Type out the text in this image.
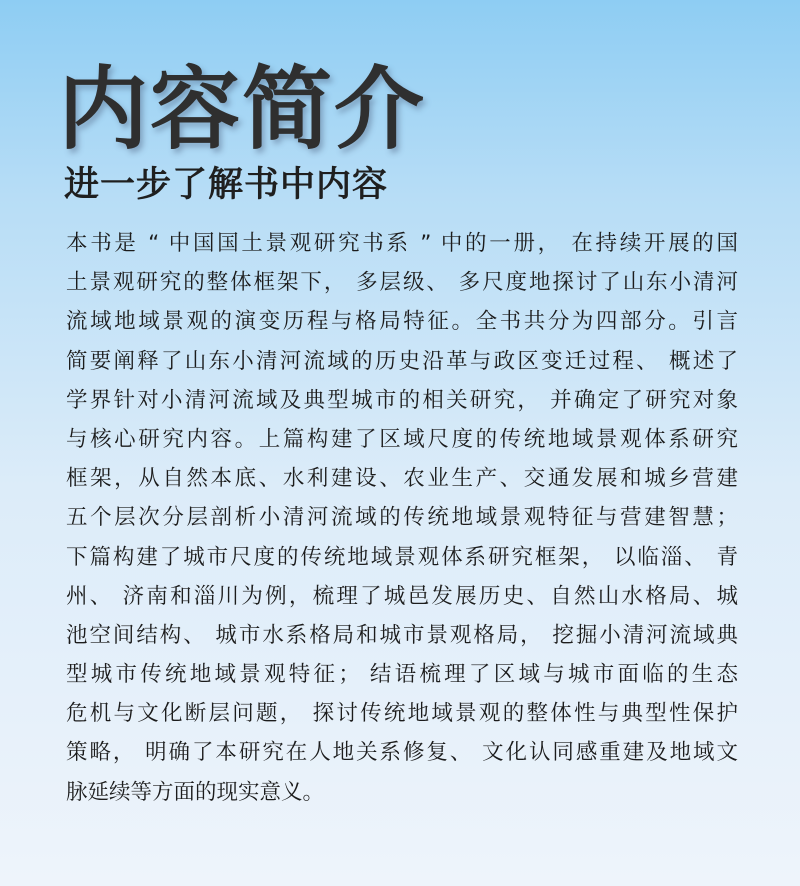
内容简介
进一步了解书中内容
本书是 “ 中国国土景观研究书系 ” 中的一册， 在持续开展的国
土景观研究的整体框架下， 多层级、 多尺度地探讨了山东小清河
流域地域景观的演变历程与格局特征。全书共分为四部分。引言
简要阐释了山东小清河流域的历史沿革与政区变迁过程、 概述了
学界针对小清河流域及典型城市的相关研究， 并确定了研究对象
与核心研究内容。上篇构建了区域尺度的传统地域景观体系研究
框架，从自然本底、水利建设、农业生产、交通发展和城乡营建
五个层次分层剖析小清河流域的传统地域景观特征与营建智慧；
下篇构建了城市尺度的传统地域景观体系研究框架， 以临淄、 青
州、 济南和淄川为例，梳理了城邑发展历史、自然山水格局、城
池空间结构、 城市水系格局和城市景观格局， 挖掘小清河流域典
型城市传统地域景观特征； 结语梳理了区域与城市面临的生态
危机与文化断层问题， 探讨传统地域景观的整体性与典型性保护
策略， 明确了本研究在人地关系修复、 文化认同感重建及地域文
脉延续等方面的现实意义。
